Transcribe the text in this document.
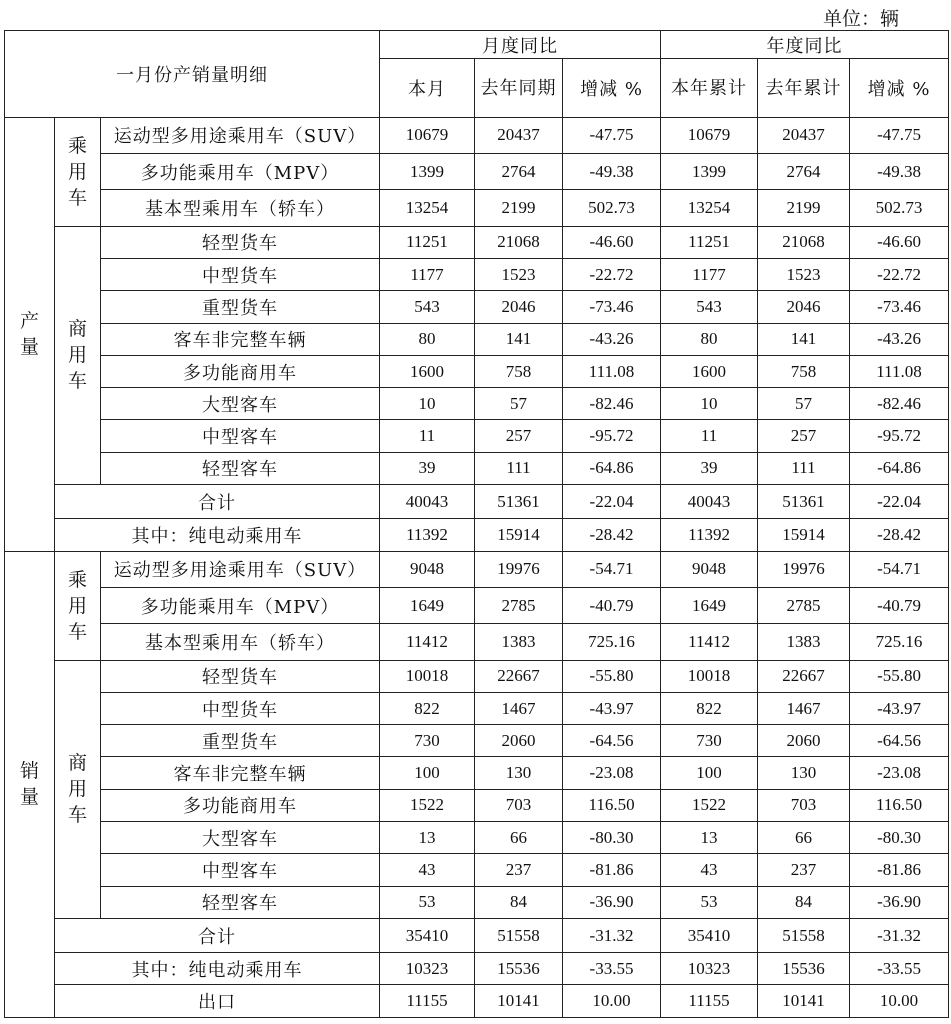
单位：辆
一月份产销量明细			月度同比			年度同比		
			本月	去年同期	增减 %	本年累计	去年累计	增减 %

产量	乘用车	运动型多用途乘用车（SUV）	10679	20437	-47.75	10679	20437	-47.75
		多功能乘用车（MPV）	1399	2764	-49.38	1399	2764	-49.38
		基本型乘用车（轿车）	13254	2199	502.73	13254	2199	502.73

	商用车	轻型货车	11251	21068	-46.60	11251	21068	-46.60
		中型货车	1177	1523	-22.72	1177	1523	-22.72
		重型货车	543	2046	-73.46	543	2046	-73.46
		客车非完整车辆	80	141	-43.26	80	141	-43.26
		多功能商用车	1600	758	111.08	1600	758	111.08
		大型客车	10	57	-82.46	10	57	-82.46
		中型客车	11	257	-95.72	11	257	-95.72
		轻型客车	39	111	-64.86	39	111	-64.86
	合计		40043	51361	-22.04	40043	51361	-22.04
	其中：纯电动乘用车		11392	15914	-28.42	11392	15914	-28.42

销量	乘用车	运动型多用途乘用车（SUV）	9048	19976	-54.71	9048	19976	-54.71
		多功能乘用车（MPV）	1649	2785	-40.79	1649	2785	-40.79
		基本型乘用车（轿车）	11412	1383	725.16	11412	1383	725.16

	商用车	轻型货车	10018	22667	-55.80	10018	22667	-55.80
		中型货车	822	1467	-43.97	822	1467	-43.97
		重型货车	730	2060	-64.56	730	2060	-64.56
		客车非完整车辆	100	130	-23.08	100	130	-23.08
		多功能商用车	1522	703	116.50	1522	703	116.50
		大型客车	13	66	-80.30	13	66	-80.30
		中型客车	43	237	-81.86	43	237	-81.86
		轻型客车	53	84	-36.90	53	84	-36.90
	合计		35410	51558	-31.32	35410	51558	-31.32
	其中：纯电动乘用车		10323	15536	-33.55	10323	15536	-33.55
	出口		11155	10141	10.00	11155	10141	10.00
